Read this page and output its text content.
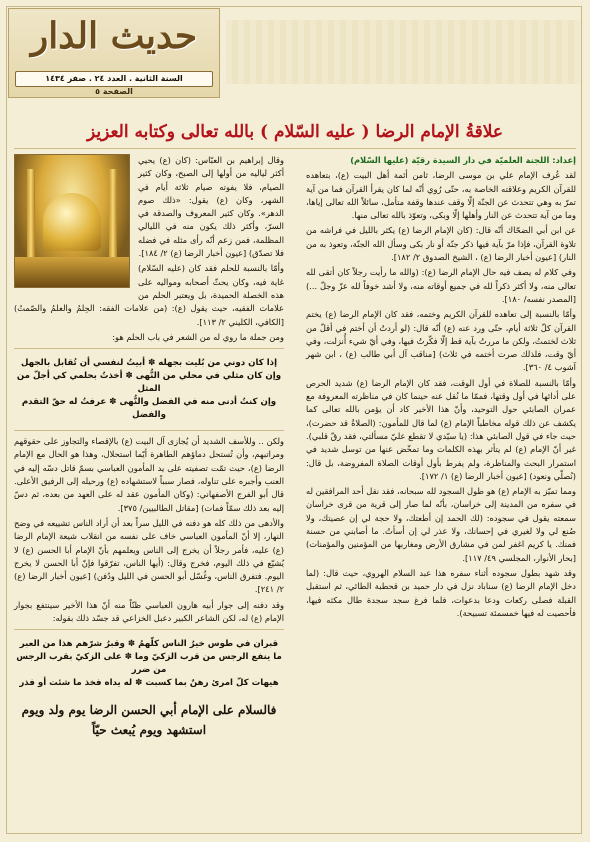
حديث الدار
السنة الثانية . العدد ٢٤ . صفر ١٤٣٤
الصفحة ٥
علاقةُ الإمام الرضا ( عليه السّلام ) بالله تعالى وكتابه العزيز

إعداد: اللجنة العلميّة في دار السيدة رقيّة (عليها السّلام)

لقد عُرف الإمام علي بن موسى الرضا، ثامن أئمة أهل البيت (ع)، بتعاهده للقرآن الكريم وعلاقته الخاصة به، حتّى رُوي أنّه لما كان يقرأ القرآن فما من آية تمرّ به وهي تتحدث عن الجنّة إلّا وقف عندها وقفة متأمل، سائلاً الله تعالى إياها، وما من آية تتحدث عن النار وأهلها إلّا وبكى، وتعوّذ بالله تعالى منها.

عن ابن أبي الضحّاك أنّه قال: (كان الإمام الرضا (ع) يكثر بالليل في فراشه من تلاوة القرآن، فإذا مرّ بآية فيها ذكر جنّة أو نار بكى وسأل الله الجنّة، وتعوذ به من النار) [عيون أخبار الرضا (ع) ، الشيخ الصدوق ٢/ ١٨٢].

وفي كلام له يصف فيه حال الإمام الرضا (ع): (والله ما رأيت رجلاً كان أتقى لله تعالى منه، ولا أكثر ذكراً لله في جميع أوقاته منه، ولا أشد خوفاً لله عزّ وجلّ ...) [المصدر نفسه/ ١٨٠].

وأمّا بالنسبة إلى تعاهده للقرآن الكريم وختمه، فقد كان الإمام الرضا (ع) يختم القرآن كلّ ثلاثة أيام، حتّى ورد عنه (ع) أنّه قال: (لو أردتُ أن أختم في أقلّ من ثلاث لختمتُ، ولكن ما مررتُ بآية قط إلّا فكّرتُ فيها، وفي أيّ شيء أُنزلت، وفي أيّ وقت، فلذلك صرت أختمه في ثلاث) [مناقب آل أبي طالب (ع) ، ابن شهر آشوب ٤/ ٣٦٠].

وأمّا بالنسبة للصلاة في أول الوقت، فقد كان الإمام الرضا (ع) شديد الحرص على أدائها في أول وقتها، فممّا ما نُقل عنه حينما كان في مناظرته المعروفة مع عمران الصابئي حول التوحيد، وأنّ هذا الأخير كاد أن يؤمن بالله تعالى كما يكشف عن ذلك قوله مخاطباً الإمام (ع) لما قال للمأمون: (الصلاةُ قد حضرت)، حيث جاء في قول الصابئي هذا: (يا سيّدي لا تقطع عليّ مسألتي، فقد رقّ قلبي). غير أنّ الإمام (ع) لم يتأثر بهذه الكلمات وما تمخّض عنها من توسل شديد في استمرار البحث والمناظرة، ولم يفرط بأول أوقات الصلاة المفروضة، بل قال: (نُصلّي ونعود) [عيون أخبار الرضا (ع) ١/ ١٧٢].

ومما تميّز به الإمام (ع) هو طول السجود لله سبحانه، فقد نقل أحد المرافقين له في سفره من المدينة إلى خراسان، بأنّه لما صار إلى قرية من قرى خراسان سمعته يقول في سجوده: (لك الحمد إن أطعتك، ولا حجة لي إن عصيتك، ولا صُنع لي ولا لغيري في إحسانك، ولا عذر لي إن أسأتُ. ما أصابني من حسنة فمنك. يا كريم اغفر لمن في مشارق الأرض ومغاربها من المؤمنين والمؤمنات) [بحار الأنوار، المجلسي ٤٩/ ١١٧].

وقد شهد بطول سجوده أثناء سفره هذا عبد السلام الهروي، حيث قال: (لما دخل الإمام الرضا (ع) سناباد نزل في دار حميد بن قحطبة الطائي، ثم استقبل القبلة فصلى ركعات ودعا بدعوات، فلما فرغ سجد سجدة طال مكثه فيها، فأحصيت له فيها خمسمئة تسبيحة).

وقال إبراهيم بن العبّاس: (كان (ع) يحيي أكثر لياليه من أولها إلى الصبح، وكان كثير الصيام، فلا يفوته صيام ثلاثة أيام في الشهر، وكان (ع) يقول: «ذلك صوم الدهر». وكان كثير المعروف والصدقة في السرّ، وأكثر ذلك يكون منه في الليالي المظلمة، فمن زعم أنّه رأى مثله في فضله فلا تصدّق) [عيون أخبار الرضا (ع) ٢/ ١٨٤].

وأمّا بالنسبة للحلم فقد كان (عليه السّلام) غاية فيه، وكان يحثّ أصحابه ومواليه على هذه الخصلة الحميدة، بل ويعتبر الحلم من علامات الفقيه، حيث يقول (ع): (من علامات الفقه: الحِلمُ والعلمُ والصّمتُ) [الكافي، الكليني ٢/ ١١٣].

ومن جملة ما روي له من الشعر في باب الحلم هو:

إذا كان دوني من بُليت بجهله ✽ أبيتُ لنفسي أن تُقابل بالجهل
وإن كان مثلي في محلي من النُّهى ✽ أخذتُ بحلمي كي أجلّ من المثل
وإن كنتُ أدنى منه في الفضل والنُّهى ✽ عرفتُ له حقّ التقدم والفضل

ولكن .. وللأسف الشديد أن يُجازى آل البيت (ع) بالإقصاء والتجاوز على حقوقهم ومراتبهم، وأن تُستحل دماؤهم الطاهرة أيّما استحلال، وهذا هو الحال مع الإمام الرضا (ع)، حيث تمّت تصفيته على يد المأمون العباسي بسمّ قاتل دسّه إليه في العنب وأجبره على تناوله، فصار سبباً لاستشهاده (ع) ورحيله إلى الرفيق الأعلى. قال أبو الفرج الأصفهاني: (وكان المأمون عقد له على العهد من بعده، ثم دسّ إليه بعد ذلك سمّاً فمات) [مقاتل الطالبيين/ ٣٧٥].

والأدهى من ذلك كله هو دفنه في الليل سراً بعد أن أراد الناس تشييعه في وضح النهار، إلا أنّ المأمون العباسي خاف على نفسه من انقلاب شيعة الإمام الرضا (ع) عليه، فأمر رجلاً أن يخرج إلى الناس ويعلمهم بأنّ الإمام أبا الحسن (ع) لا يُشيّع في ذلك اليوم، فخرج وقال: (أيها الناس، تفرّقوا فإنّ أبا الحسن لا يخرج اليوم. فتفرق الناس، وغُسّل أبو الحسن في الليل ودُفن) [عيون أخبار الرضا (ع) ٢/ ٢٤١].

وقد دفنه إلى جوار أبيه هارون العباسي ظنّاً منه أنّ هذا الأخير سينتفع بجوار الإمام (ع) له، لكن الشاعر الكبير دعبل الخزاعي قد جسّد ذلك بقوله:

قبران في طوس خيرُ الناس كلّهمُ ✽ وقبرُ شرّهم هذا من العبر
ما ينفع الرجس من قرب الزكيّ وما ✽ على الزكيّ بقرب الرجس من ضرر
هيهات كلّ امرئ رهنٌ بما كسبت ✽ له يداه فخذ ما شئت أو فذر
فالسلام على الإمام أبي الحسن الرضا يوم ولد ويوم
استشهد ويوم يُبعث حيّاً
